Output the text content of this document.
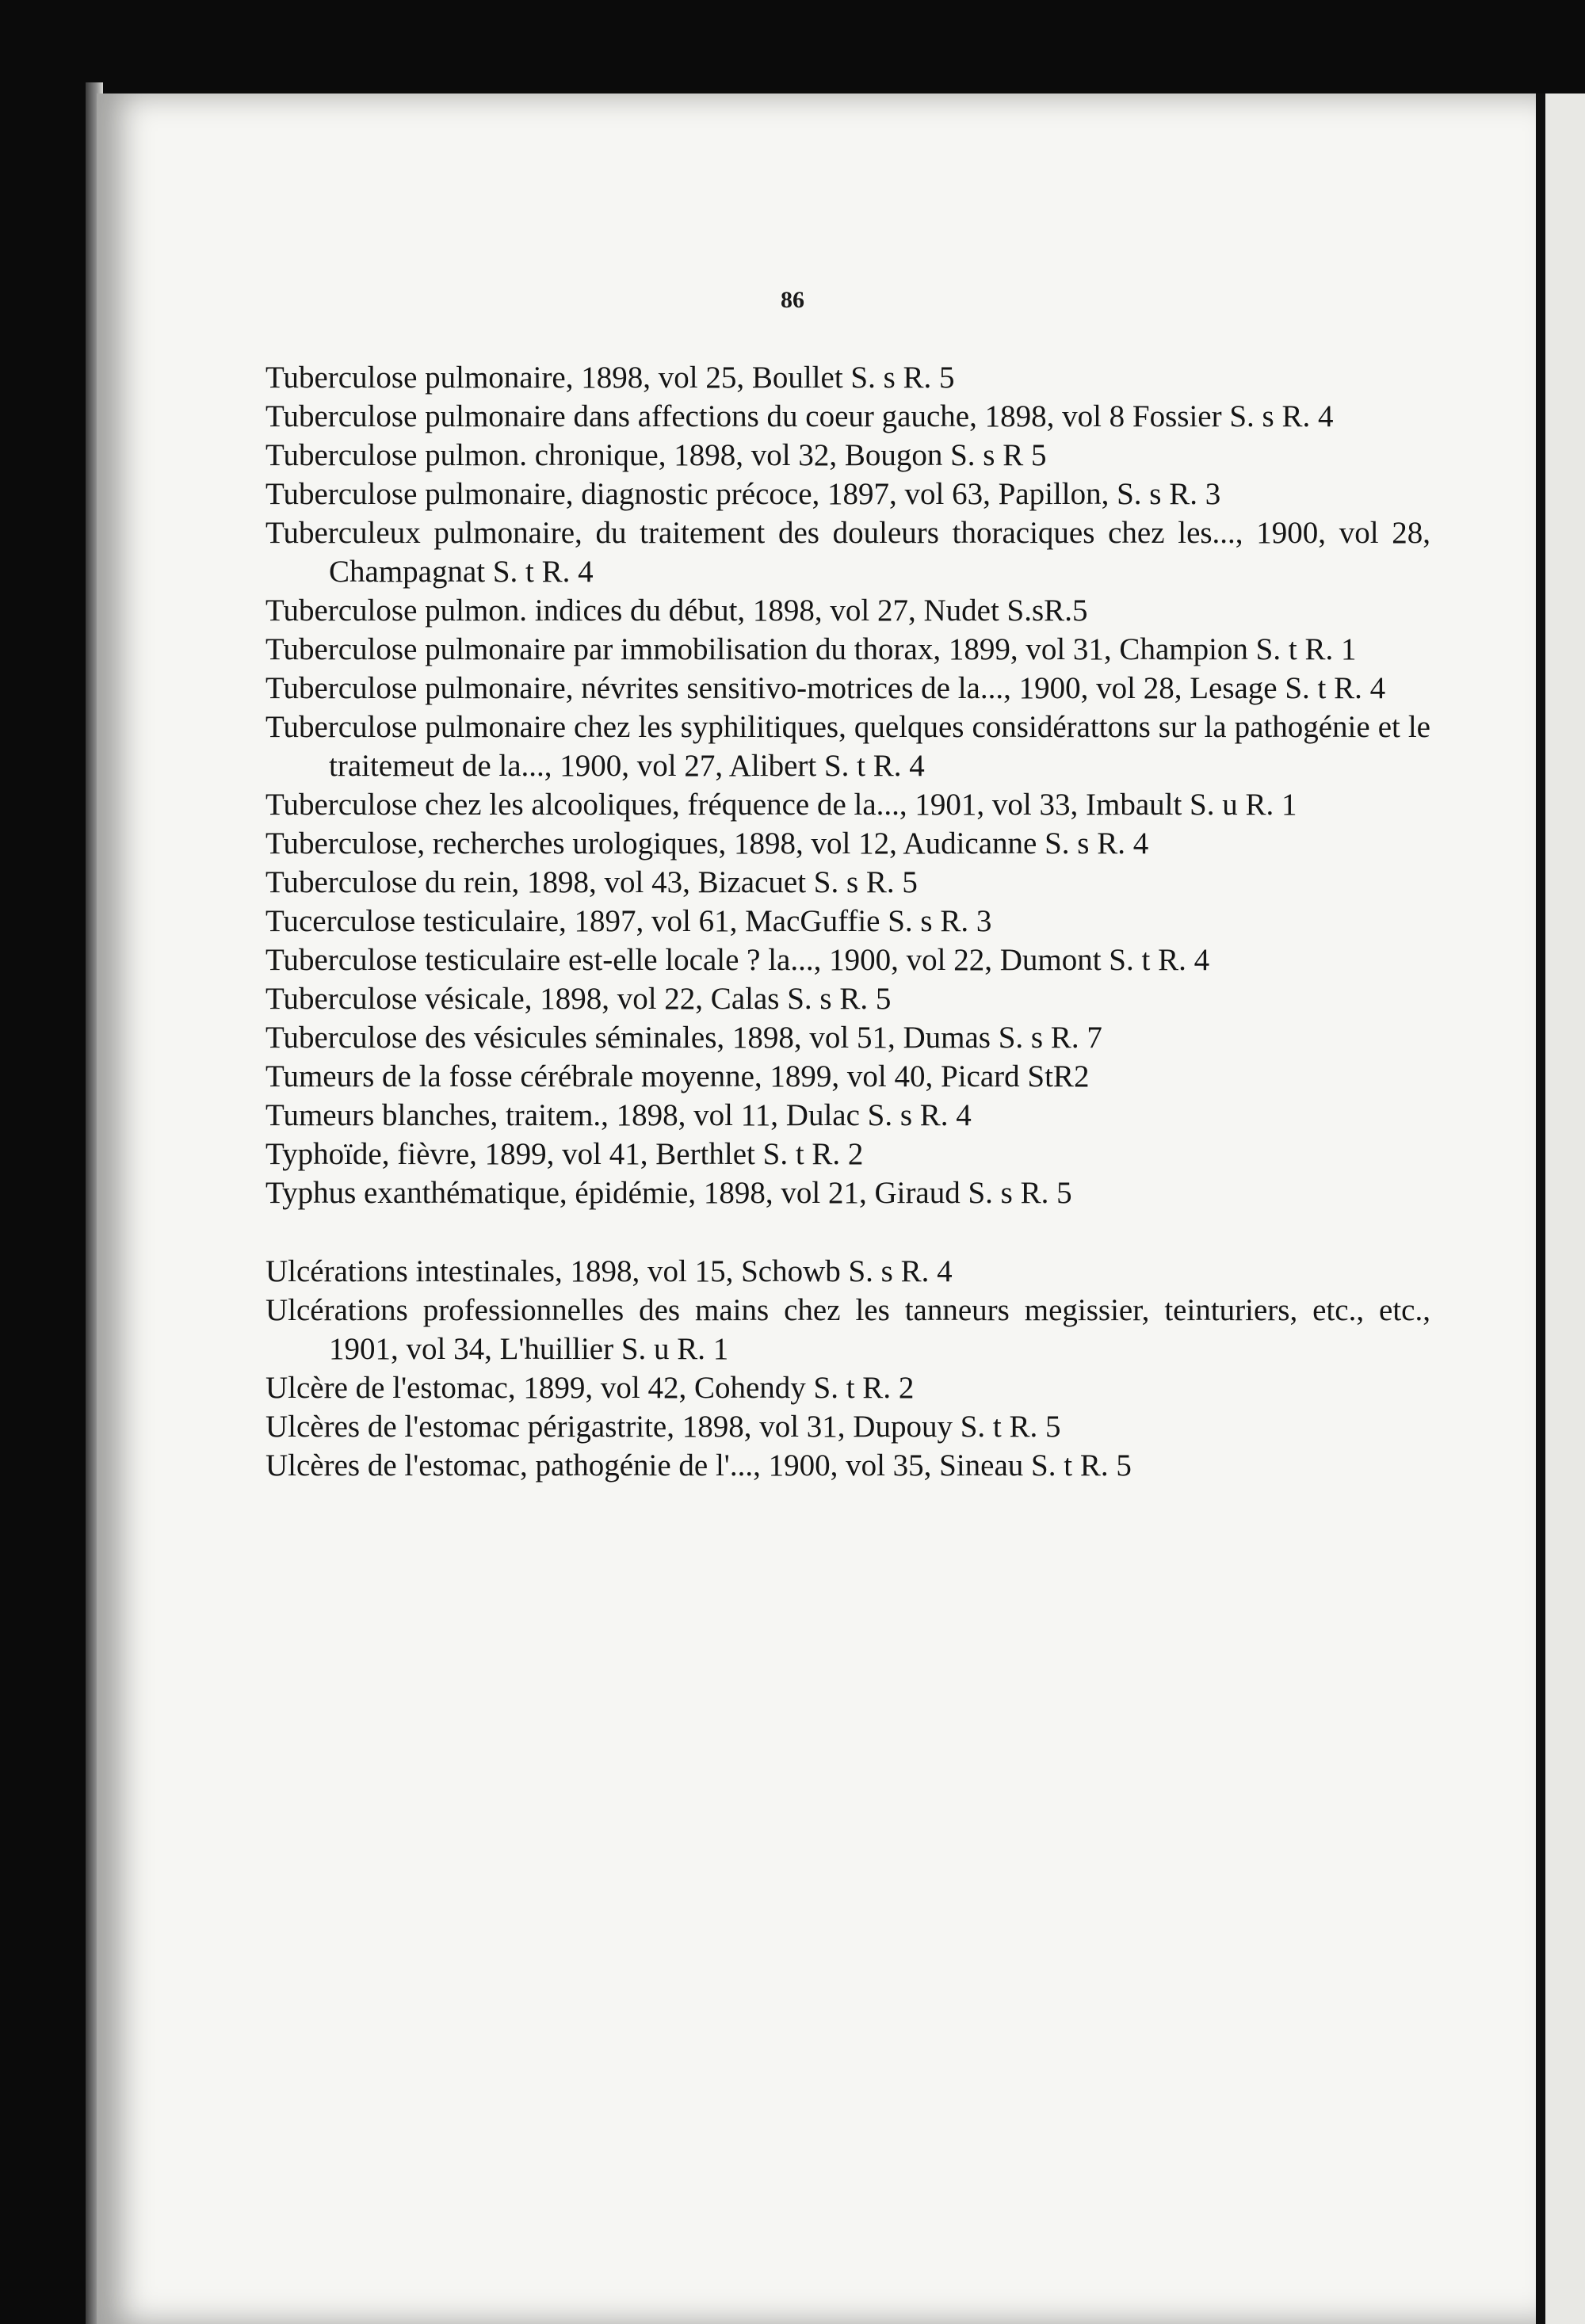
86
Tuberculose pulmonaire, 1898, vol 25, Boullet S. s R. 5
Tuberculose pulmonaire dans affections du coeur gauche, 1898, vol 8 Fossier S. s R. 4
Tuberculose pulmon. chronique, 1898, vol 32, Bougon S. s R 5
Tuberculose pulmonaire, diagnostic précoce, 1897, vol 63, Papillon, S. s R. 3
Tuberculeux pulmonaire, du traitement des douleurs thoraciques chez les..., 1900, vol 28, Champagnat S. t R. 4
Tuberculose pulmon. indices du début, 1898, vol 27, Nudet S.sR.5
Tuberculose pulmonaire par immobilisation du thorax, 1899, vol 31, Champion S. t R. 1
Tuberculose pulmonaire, névrites sensitivo-motrices de la..., 1900, vol 28, Lesage S. t R. 4
Tuberculose pulmonaire chez les syphilitiques, quelques considérattons sur la pathogénie et le traitemeut de la..., 1900, vol 27, Alibert S. t R. 4
Tuberculose chez les alcooliques, fréquence de la..., 1901, vol 33, Imbault S. u R. 1
Tuberculose, recherches urologiques, 1898, vol 12, Audicanne S. s R. 4
Tuberculose du rein, 1898, vol 43, Bizacuet S. s R. 5
Tucerculose testiculaire, 1897, vol 61, MacGuffie S. s R. 3
Tuberculose testiculaire est-elle locale ? la..., 1900, vol 22, Dumont S. t R. 4
Tuberculose vésicale, 1898, vol 22, Calas S. s R. 5
Tuberculose des vésicules séminales, 1898, vol 51, Dumas S. s R. 7
Tumeurs de la fosse cérébrale moyenne, 1899, vol 40, Picard StR2
Tumeurs blanches, traitem., 1898, vol 11, Dulac S. s R. 4
Typhoïde, fièvre, 1899, vol 41, Berthlet S. t R. 2
Typhus exanthématique, épidémie, 1898, vol 21, Giraud S. s R. 5
Ulcérations intestinales, 1898, vol 15, Schowb S. s R. 4
Ulcérations professionnelles des mains chez les tanneurs megissier, teinturiers, etc., etc., 1901, vol 34, L'huillier S. u R. 1
Ulcère de l'estomac, 1899, vol 42, Cohendy S. t R. 2
Ulcères de l'estomac périgastrite, 1898, vol 31, Dupouy S. t R. 5
Ulcères de l'estomac, pathogénie de l'..., 1900, vol 35, Sineau S. t R. 5
